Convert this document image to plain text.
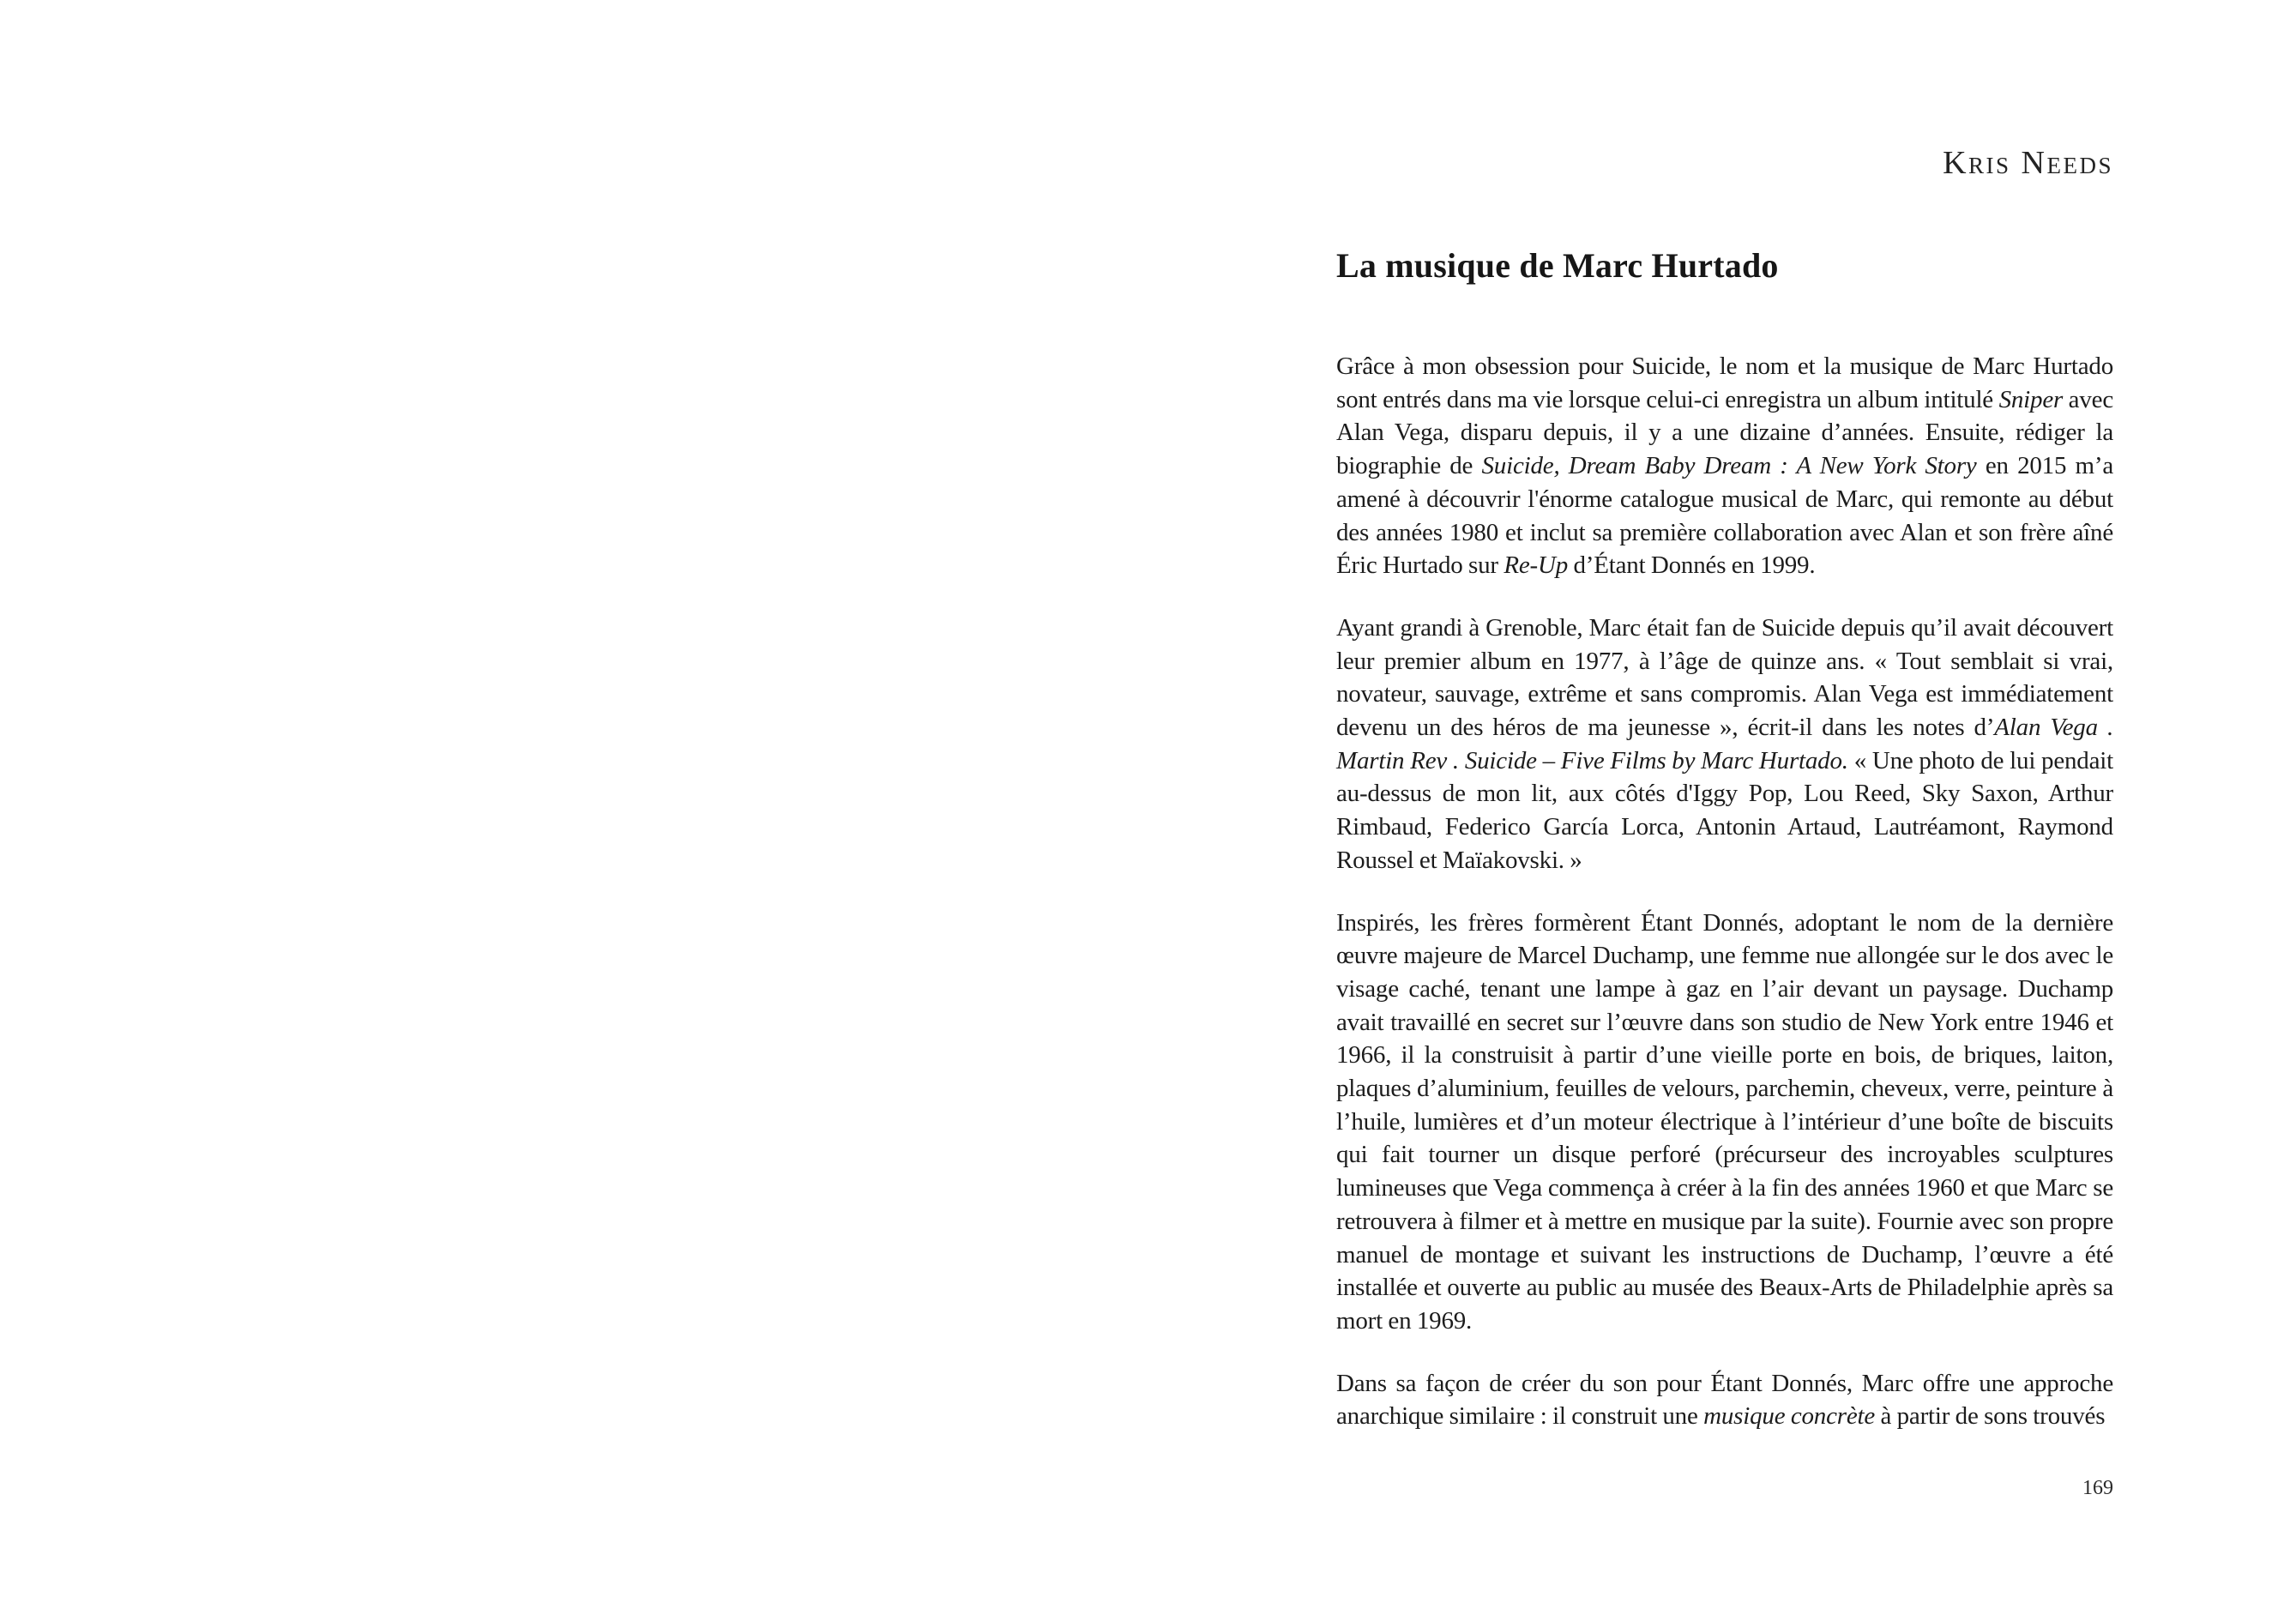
Kris Needs
La musique de Marc Hurtado

Grâce à mon obsession pour Suicide, le nom et la musique de Marc Hurtado sont entrés dans ma vie lorsque celui-ci enregistra un album intitulé Sniper avec Alan Vega, disparu depuis, il y a une dizaine d’années. Ensuite, rédiger la biographie de Suicide, Dream Baby Dream : A New York Story en 2015 m’a amené à découvrir l'énorme catalogue musical de Marc, qui remonte au début des années 1980 et inclut sa première collaboration avec Alan et son frère aîné Éric Hurtado sur Re-Up d’Étant Donnés en 1999.

Ayant grandi à Grenoble, Marc était fan de Suicide depuis qu’il avait découvert leur premier album en 1977, à l’âge de quinze ans. « Tout semblait si vrai, novateur, sauvage, extrême et sans compromis. Alan Vega est immédiatement devenu un des héros de ma jeunesse », écrit-il dans les notes d’Alan Vega . Martin Rev . Suicide – Five Films by Marc Hurtado. « Une photo de lui pendait au-dessus de mon lit, aux côtés d'Iggy Pop, Lou Reed, Sky Saxon, Arthur Rimbaud, Federico García Lorca, Antonin Artaud, Lautréamont, Raymond Roussel et Maïakovski. »

Inspirés, les frères formèrent Étant Donnés, adoptant le nom de la dernière œuvre majeure de Marcel Duchamp, une femme nue allongée sur le dos avec le visage caché, tenant une lampe à gaz en l’air devant un paysage. Duchamp avait travaillé en secret sur l’œuvre dans son studio de New York entre 1946 et 1966, il la construisit à partir d’une vieille porte en bois, de briques, laiton, plaques d’aluminium, feuilles de velours, parchemin, cheveux, verre, peinture à l’huile, lumières et d’un moteur électrique à l’intérieur d’une boîte de biscuits qui fait tourner un disque perforé (précurseur des incroyables sculptures lumineuses que Vega commença à créer à la fin des années 1960 et que Marc se retrouvera à filmer et à mettre en musique par la suite). Fournie avec son propre manuel de montage et suivant les instructions de Duchamp, l’œuvre a été installée et ouverte au public au musée des Beaux-Arts de Philadelphie après sa mort en 1969.

Dans sa façon de créer du son pour Étant Donnés, Marc offre une approche anarchique similaire : il construit une musique concrète à partir de sons trouvés

169
